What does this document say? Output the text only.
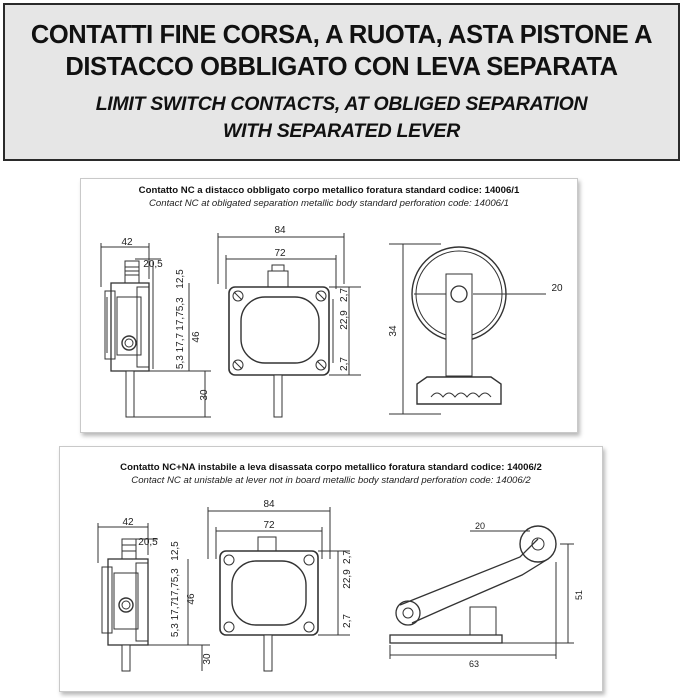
CONTATTI FINE CORSA, A RUOTA, ASTA PISTONE A
DISTACCO OBBLIGATO CON LEVA SEPARATA
LIMIT SWITCH CONTACTS, AT OBLIGED SEPARATION
WITH SEPARATED LEVER
Contatto NC a distacco obbligato corpo metallico foratura standard codice: 14006/1
Contact NC at obligated separation metallic body standard perforation code: 14006/1
42
20,5
12,5
17,75,3
46
5,3 17,7
30
84
72
22,9
2,7
2,7
34
20
Contatto NC+NA instabile a leva disassata corpo metallico foratura standard codice: 14006/2
Contact NC at unistable at lever not in board metallic body standard perforation code: 14006/2
42
20,5 12,5
17,75,3 46
5,3 17,7
30
84
72
22,9
2,7
2,7
20
51
63
